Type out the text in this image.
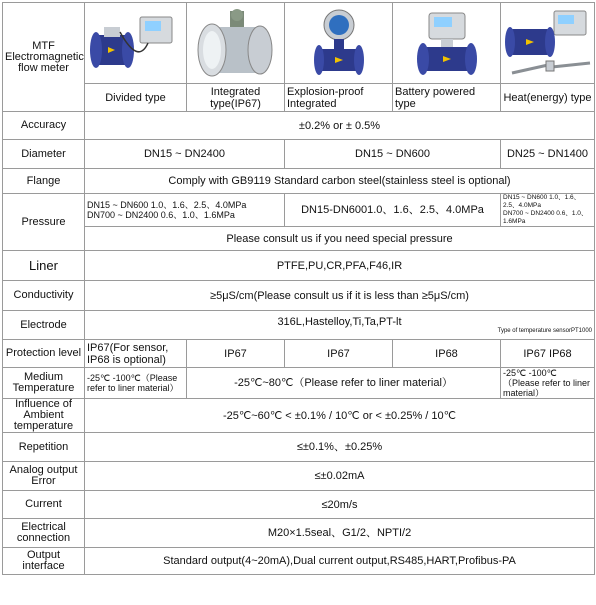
MTF Electromagnetic flow meter	

	Divided type	Integrated type(IP67)	Explosion-proof Integrated	Battery powered type	Heat(energy) type
Accuracy	±0.2% or ± 0.5%				
Diameter	DN15 ~ DN2400		DN15 ~ DN600		DN25 ~ DN1400
Flange	Comply with GB9119 Standard carbon steel(stainless steel is optional)				
Pressure	DN15 ~ DN600 1.0、1.6、2.5、4.0MPa
DN700 ~ DN2400 0.6、1.0、1.6MPa		DN15-DN6001.0、1.6、2.5、4.0MPa		DN15 ~ DN600 1.0、1.6、2.5、4.0MPa
DN700 ~ DN2400 0.6、1.0、1.6MPa
	Please consult us if you need special pressure				
Liner	PTFE,PU,CR,PFA,F46,IR				
Conductivity	≥5μS/cm(Please consult us if it is less than ≥5μS/cm)				
Electrode	316L,Hastelloy,Ti,Ta,PT-lt
Type of temperature sensorPT1000				

Protection level	IP67(For sensor, IP68 is optional)	IP67	IP67	IP68	IP67 IP68
Medium Temperature	-25℃ -100℃（Please refer to liner material）	-25℃~80℃（Please refer to liner material）			-25℃ -100℃（Please refer to liner material）
Influence of Ambient temperature	-25℃~60℃ < ±0.1% / 10℃ or < ±0.25% / 10℃				
Repetition	≤±0.1%、±0.25%				
Analog output Error	≤±0.02mA				
Current	≤20m/s				
Electrical connection	M20×1.5seal、G1/2、NPTI/2				
Output interface	Standard output(4~20mA),Dual current output,RS485,HART,Profibus-PA				
